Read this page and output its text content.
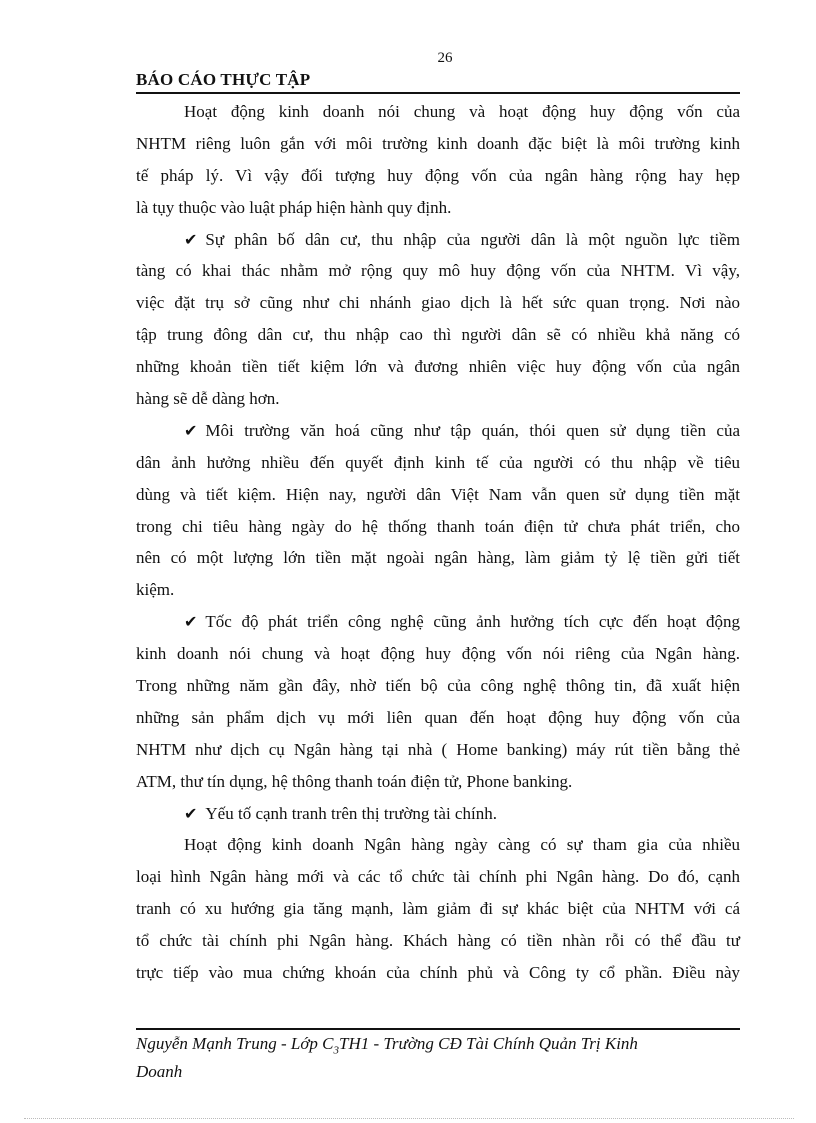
26
BÁO CÁO THỰC TẬP
Hoạt động kinh doanh nói chung và hoạt động huy động vốn của
NHTM riêng luôn gắn với môi trường kinh doanh đặc biệt là môi trường kinh
tế pháp lý. Vì vậy đối tượng huy động vốn của ngân hàng rộng hay hẹp
là tụy thuộc vào luật pháp hiện hành quy định.
✔ Sự phân bố dân cư, thu nhập của người dân là một nguồn lực tiềm
tàng có khai thác nhằm mở rộng quy mô huy động vốn của NHTM. Vì vậy,
việc đặt trụ sở cũng như chi nhánh giao dịch là hết sức quan trọng. Nơi nào
tập trung đông dân cư, thu nhập cao thì người dân sẽ có nhiều khả năng có
những khoản tiền tiết kiệm lớn và đương nhiên việc huy động vốn của ngân
hàng sẽ dễ dàng hơn.
✔ Môi trường văn hoá cũng như tập quán, thói quen sử dụng tiền của
dân ảnh hưởng nhiều đến quyết định kinh tế của người có thu nhập về tiêu
dùng và tiết kiệm. Hiện nay, người dân Việt Nam vẫn quen sử dụng tiền mặt
trong chi tiêu hàng ngày do hệ thống thanh toán điện tử chưa phát triển, cho
nên có một lượng lớn tiền mặt ngoài ngân hàng, làm giảm tỷ lệ tiền gửi tiết
kiệm.
✔ Tốc độ phát triển công nghệ cũng ảnh hưởng tích cực đến hoạt động
kinh doanh nói chung và hoạt động huy động vốn nói riêng của Ngân hàng.
Trong những năm gần đây, nhờ tiến bộ của công nghệ thông tin, đã xuất hiện
những sản phẩm dịch vụ mới liên quan đến hoạt động huy động vốn của
NHTM như dịch cụ Ngân hàng tại nhà ( Home banking) máy rút tiền bằng thẻ
ATM, thư tín dụng, hệ thông thanh toán điện tử, Phone banking.
✔ Yếu tố cạnh tranh trên thị trường tài chính.
Hoạt động kinh doanh Ngân hàng ngày càng có sự tham gia của nhiều
loại hình Ngân hàng mới và các tổ chức tài chính phi Ngân hàng. Do đó, cạnh
tranh có xu hướng gia tăng mạnh, làm giảm đi sự khác biệt của NHTM với cá
tổ chức tài chính phi Ngân hàng. Khách hàng có tiền nhàn rỗi có thể đầu tư
trực tiếp vào mua chứng khoán của chính phủ và Công ty cổ phần. Điều này
Nguyễn Mạnh Trung - Lớp $C_3TH1$ - Trường CĐ Tài Chính Quản Trị Kinh
Doanh
